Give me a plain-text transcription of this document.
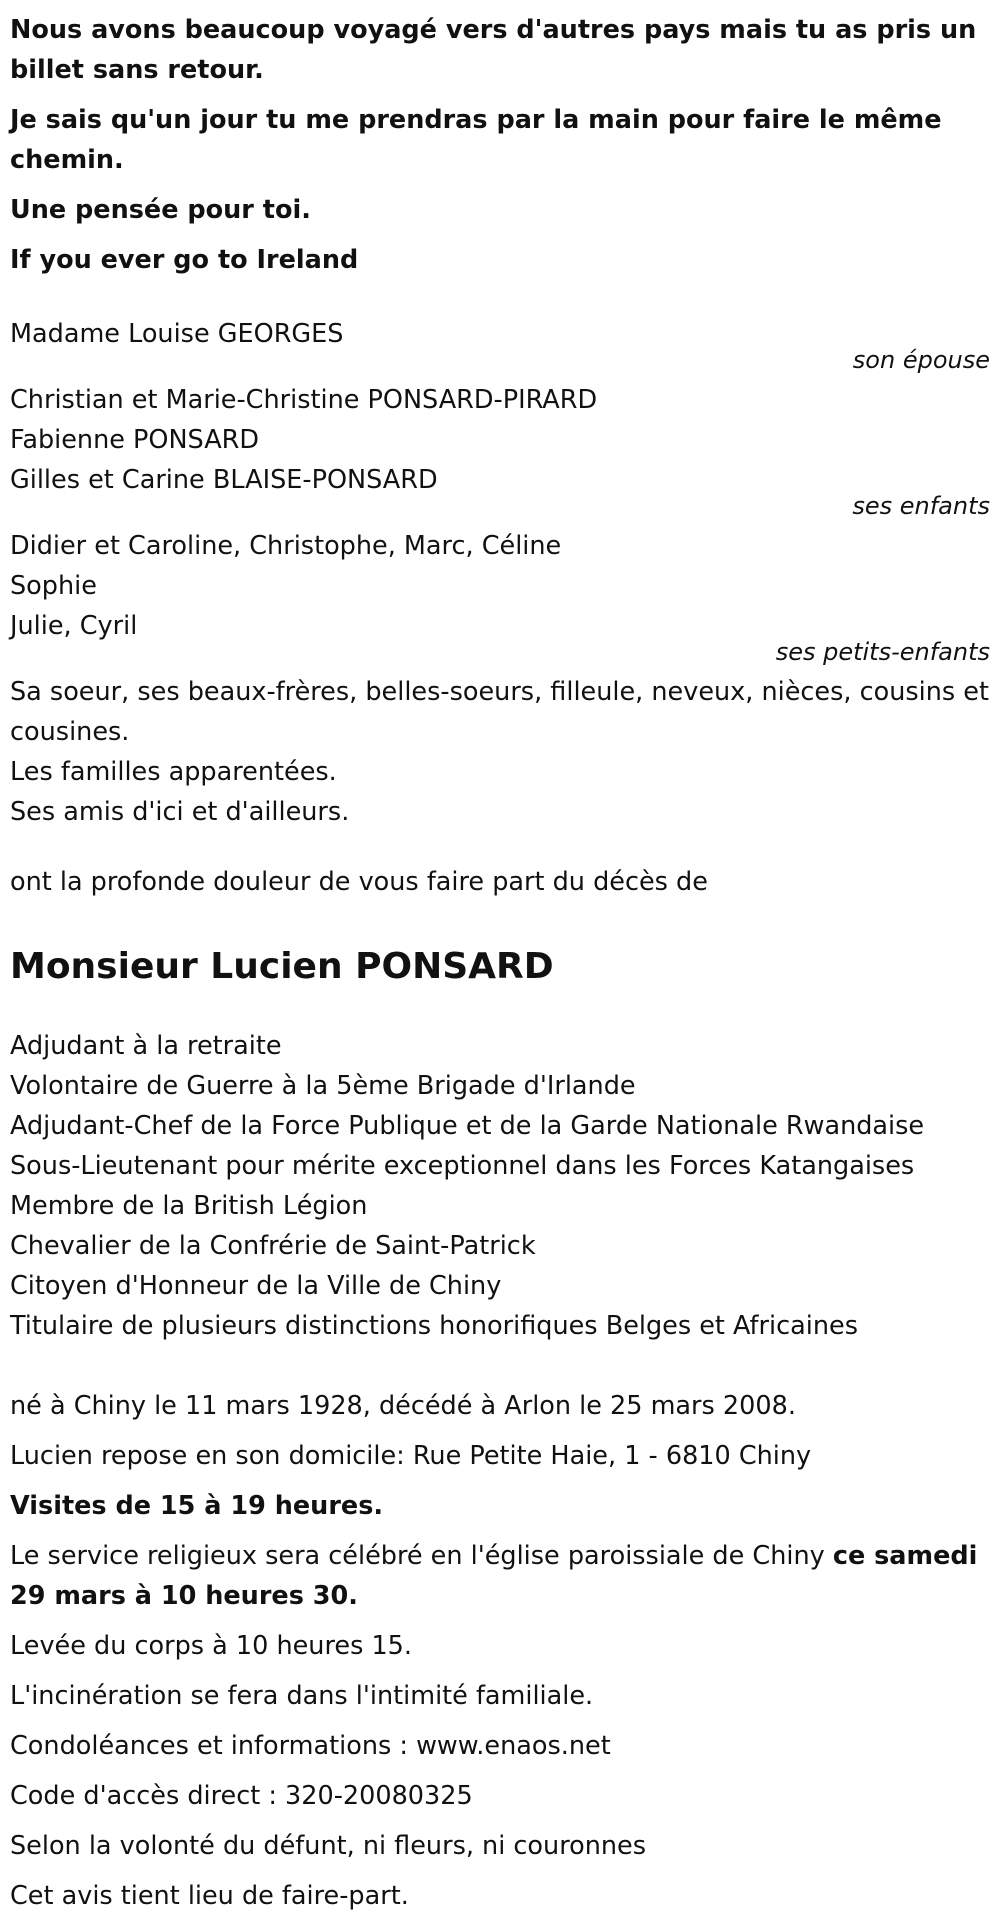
Nous avons beaucoup voyagé vers d'autres pays mais tu as pris un billet sans retour.

Je sais qu'un jour tu me prendras par la main pour faire le même chemin.

Une pensée pour toi.

If you ever go to Ireland

Madame Louise GEORGES
son épouse
Christian et Marie-Christine PONSARD-PIRARD
Fabienne PONSARD
Gilles et Carine BLAISE-PONSARD
ses enfants
Didier et Caroline, Christophe, Marc, Céline
Sophie
Julie, Cyril
ses petits-enfants
Sa soeur, ses beaux-frères, belles-soeurs, filleule, neveux, nièces, cousins et cousines.
Les familles apparentées.
Ses amis d'ici et d'ailleurs.
ont la profonde douleur de vous faire part du décès de
Monsieur Lucien PONSARD
Adjudant à la retraite
Volontaire de Guerre à la 5ème Brigade d'Irlande
Adjudant-Chef de la Force Publique et de la Garde Nationale Rwandaise
Sous-Lieutenant pour mérite exceptionnel dans les Forces Katangaises
Membre de la British Légion
Chevalier de la Confrérie de Saint-Patrick
Citoyen d'Honneur de la Ville de Chiny
Titulaire de plusieurs distinctions honorifiques Belges et Africaines

né à Chiny le 11 mars 1928, décédé à Arlon le 25 mars 2008.

Lucien repose en son domicile: Rue Petite Haie, 1 - 6810 Chiny

Visites de 15 à 19 heures.

Le service religieux sera célébré en l'église paroissiale de Chiny ce samedi 29 mars à 10 heures 30.

Levée du corps à 10 heures 15.

L'incinération se fera dans l'intimité familiale.

Condoléances et informations : www.enaos.net

Code d'accès direct : 320-20080325

Selon la volonté du défunt, ni fleurs, ni couronnes

Cet avis tient lieu de faire-part.
